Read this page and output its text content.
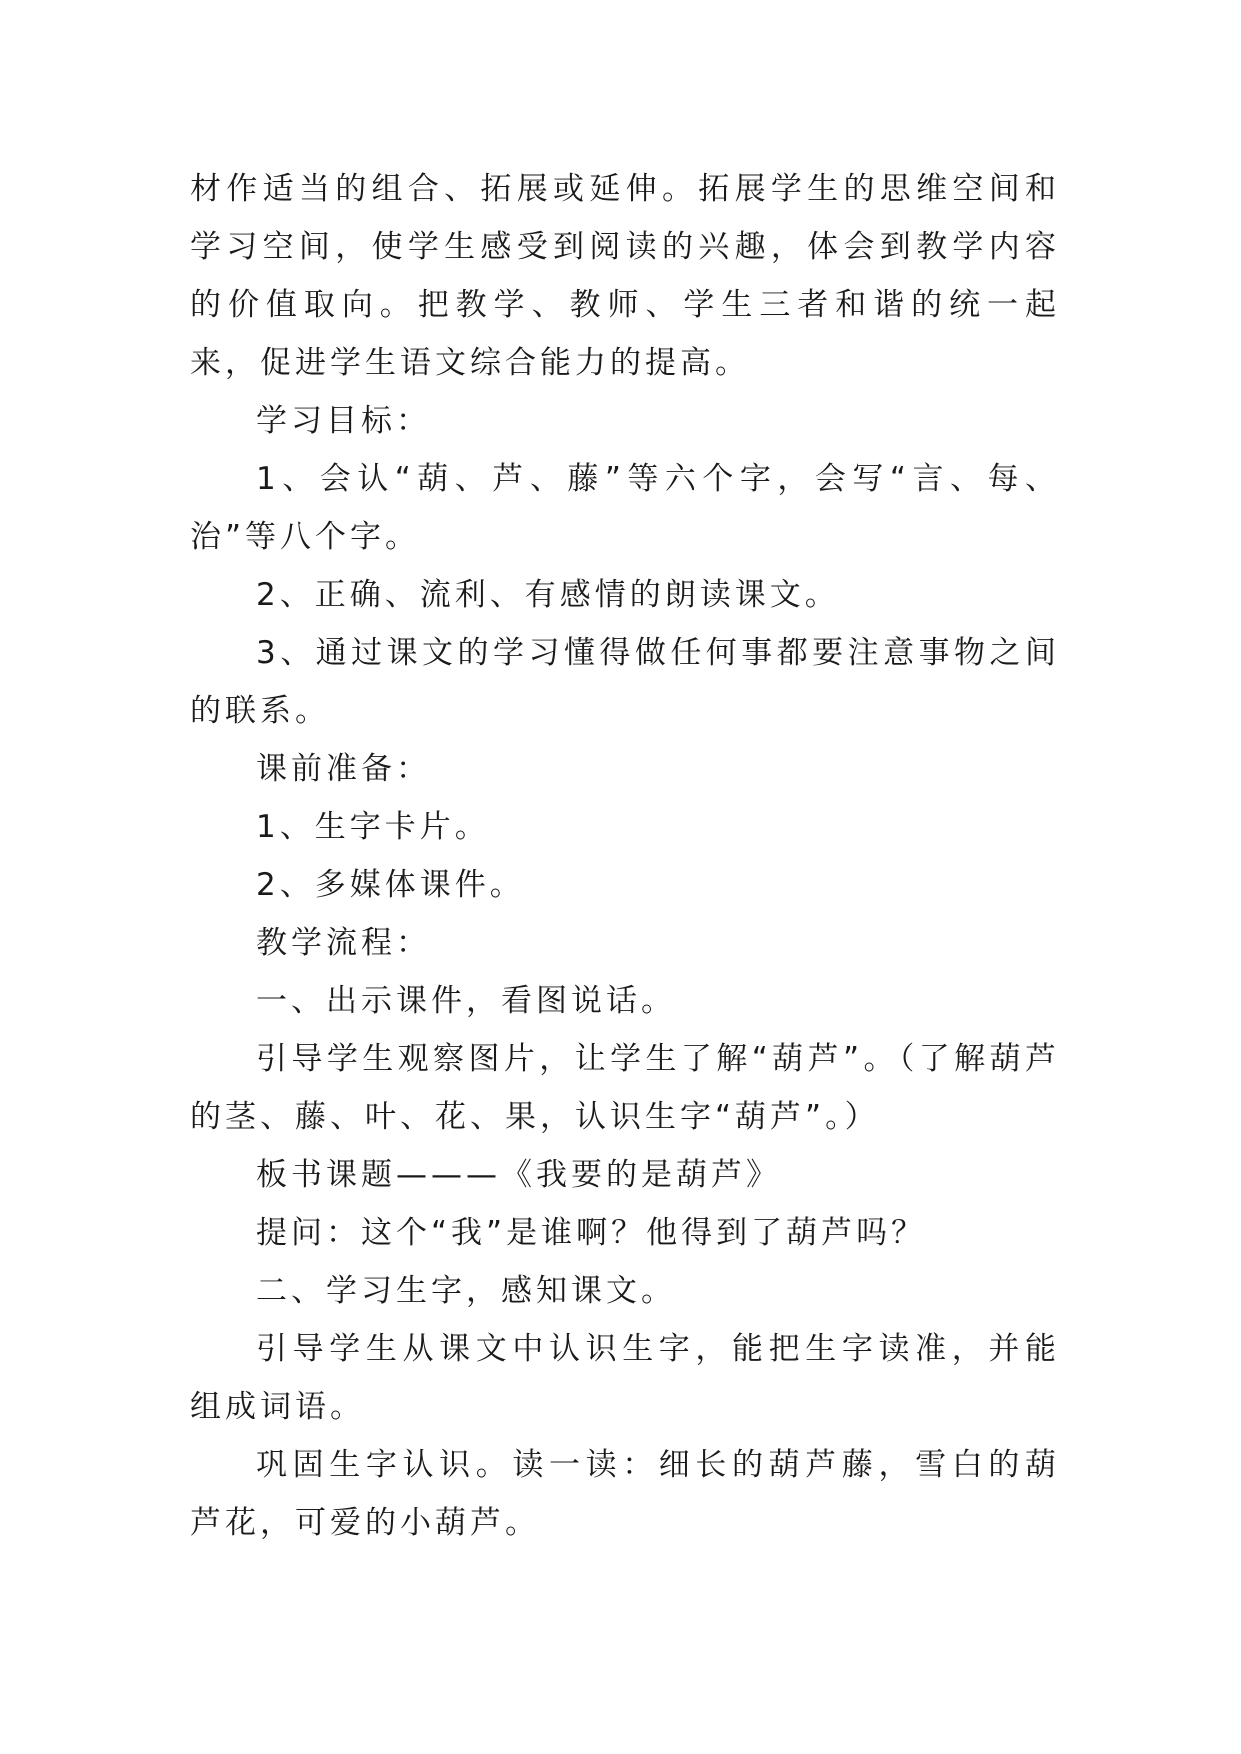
材作适当的组合、拓展或延伸。拓展学生的思维空间和学习空间，使学生感受到阅读的兴趣，体会到教学内容的价值取向。把教学、教师、学生三者和谐的统一起来，促进学生语文综合能力的提高。

学习目标：

1、会认“葫、芦、藤”等六个字，会写“言、每、治”等八个字。

2、正确、流利、有感情的朗读课文。

3、通过课文的学习懂得做任何事都要注意事物之间的联系。

课前准备：

1、生字卡片。

2、多媒体课件。

教学流程：

一、出示课件，看图说话。

引导学生观察图片，让学生了解“葫芦”。（了解葫芦的茎、藤、叶、花、果，认识生字“葫芦”。）

板书课题———《我要的是葫芦》

提问：这个“我”是谁啊？他得到了葫芦吗？

二、学习生字，感知课文。

引导学生从课文中认识生字，能把生字读准，并能组成词语。

巩固生字认识。读一读：细长的葫芦藤，雪白的葫芦花，可爱的小葫芦。
